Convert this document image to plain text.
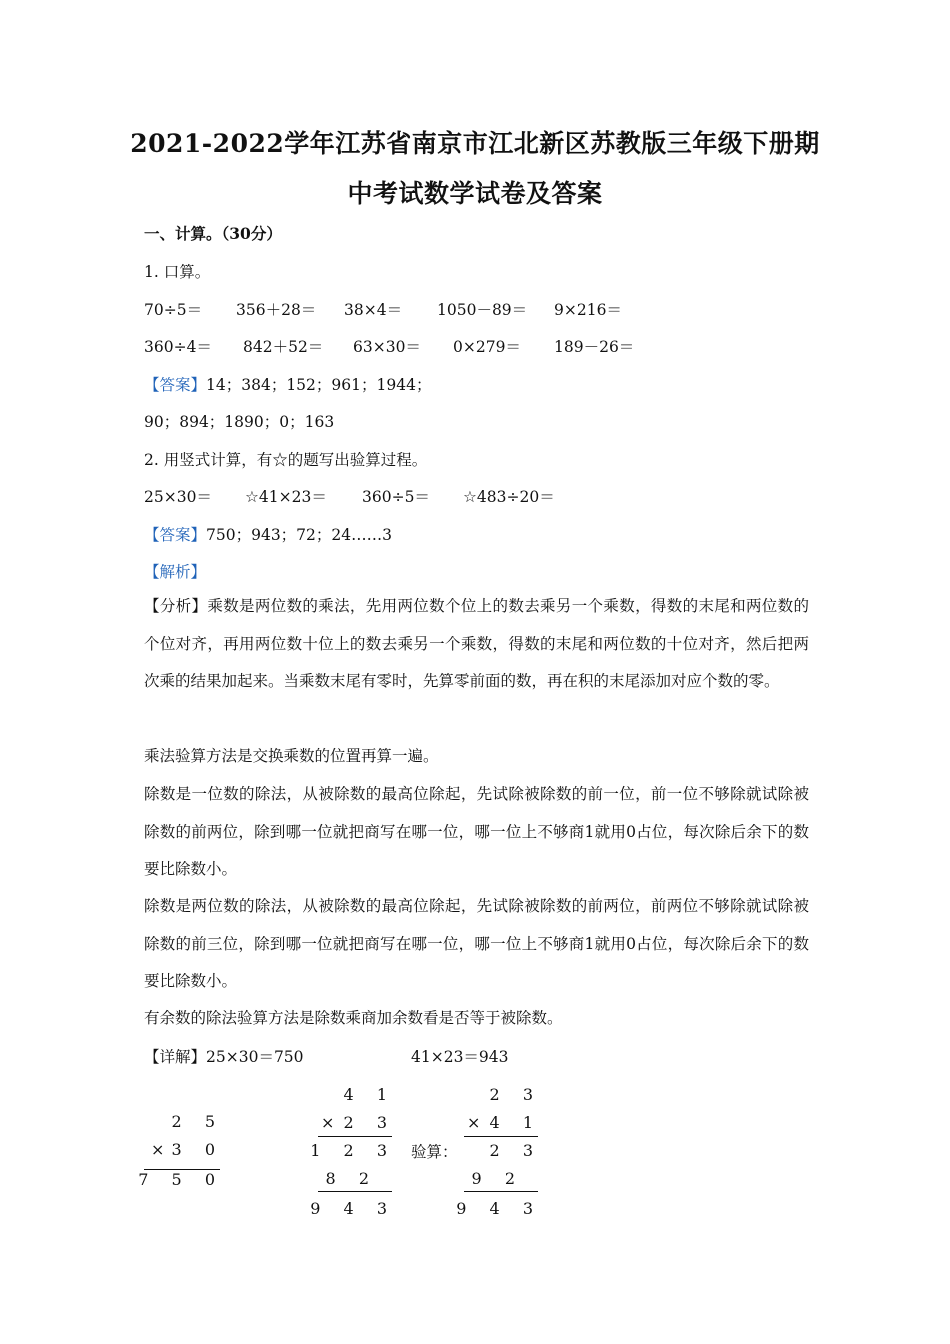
2021-2022学年江苏省南京市江北新区苏教版三年级下册期
中考试数学试卷及答案
一、计算。（30分）
1. 口算。
70÷5＝ 356＋28＝ 38×4＝ 1050－89＝ 9×216＝
360÷4＝ 842＋52＝ 63×30＝ 0×279＝ 189－26＝
【答案】14；384；152；961；1944；
90；894；1890；0；163
2. 用竖式计算，有☆的题写出验算过程。
25×30＝ ☆41×23＝ 360÷5＝ ☆483÷20＝
【答案】750；943；72；24……3
【解析】
【分析】乘数是两位数的乘法，先用两位数个位上的数去乘另一个乘数，得数的末尾和两位数的个位对齐，再用两位数十位上的数去乘另一个乘数，得数的末尾和两位数的十位对齐，然后把两次乘的结果加起来。当乘数末尾有零时，先算零前面的数，再在积的末尾添加对应个数的零。
乘法验算方法是交换乘数的位置再算一遍。
除数是一位数的除法，从被除数的最高位除起，先试除被除数的前一位，前一位不够除就试除被除数的前两位，除到哪一位就把商写在哪一位，哪一位上不够商1就用0占位，每次除后余下的数要比除数小。
除数是两位数的除法，从被除数的最高位除起，先试除被除数的前两位，前两位不够除就试除被除数的前三位，除到哪一位就把商写在哪一位，哪一位上不够商1就用0占位，每次除后余下的数要比除数小。
有余数的除法验算方法是除数乘商加余数看是否等于被除数。
【详解】25×30＝750	41×23＝943
2 5
× 3 0
7 5 0
4 1
× 2 3
1 2 3
8 2
9 4 3
验算：
2 3
× 4 1
2 3
9 2
9 4 3
